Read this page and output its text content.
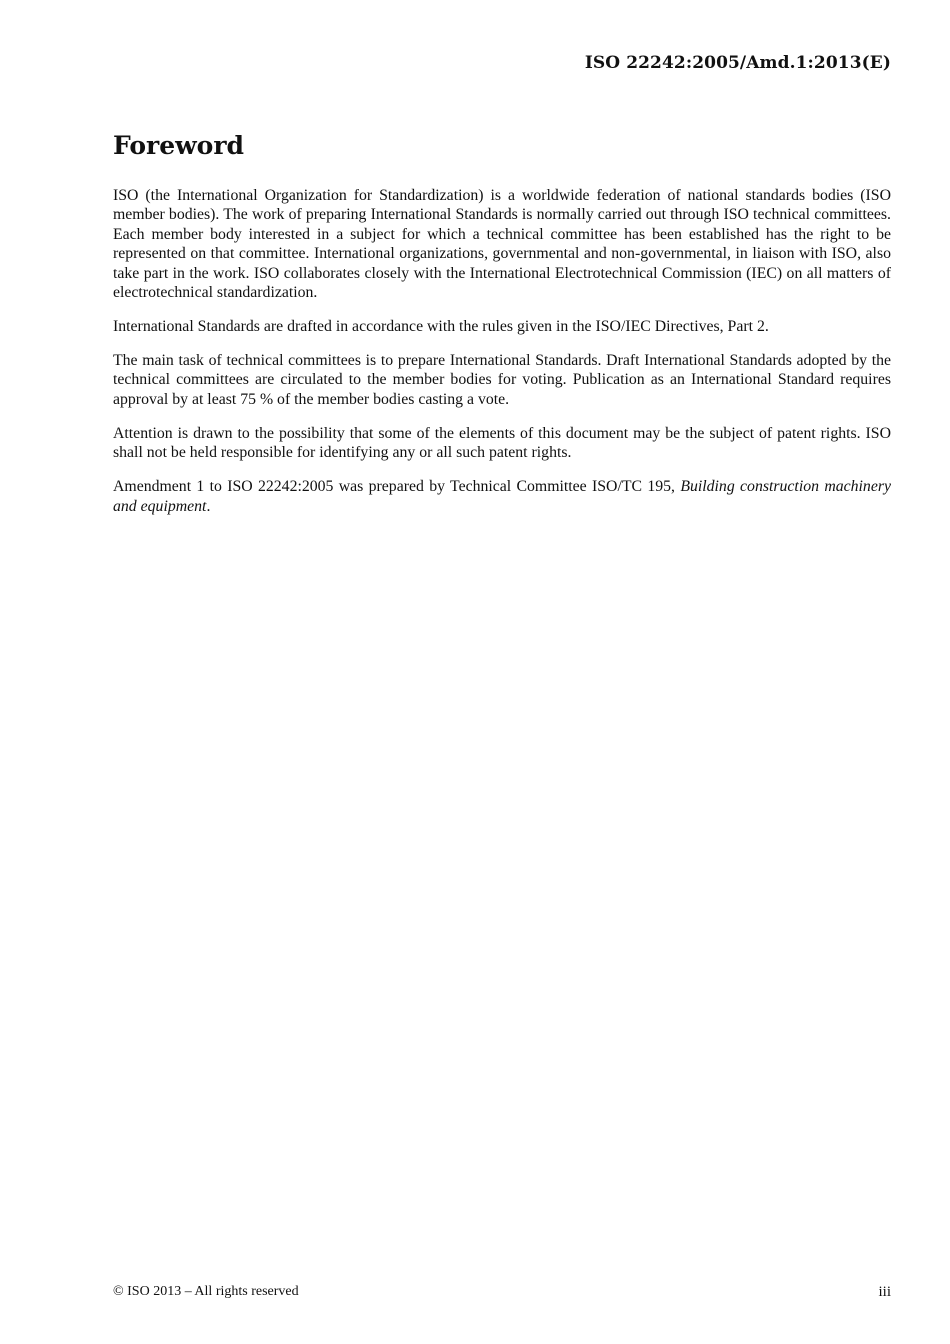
ISO 22242:2005/Amd.1:2013(E)
Foreword

ISO (the International Organization for Standardization) is a worldwide federation of national standards bodies (ISO member bodies). The work of preparing International Standards is normally carried out through ISO technical committees. Each member body interested in a subject for which a technical committee has been established has the right to be represented on that committee. International organizations, governmental and non-governmental, in liaison with ISO, also take part in the work. ISO collaborates closely with the International Electrotechnical Commission (IEC) on all matters of electrotechnical standardization.

International Standards are drafted in accordance with the rules given in the ISO/IEC Directives, Part 2.

The main task of technical committees is to prepare International Standards. Draft International Standards adopted by the technical committees are circulated to the member bodies for voting. Publication as an International Standard requires approval by at least 75 % of the member bodies casting a vote.

Attention is drawn to the possibility that some of the elements of this document may be the subject of patent rights. ISO shall not be held responsible for identifying any or all such patent rights.

Amendment 1 to ISO 22242:2005 was prepared by Technical Committee ISO/TC 195, Building construction machinery and equipment.

© ISO 2013 – All rights reserved	iii
